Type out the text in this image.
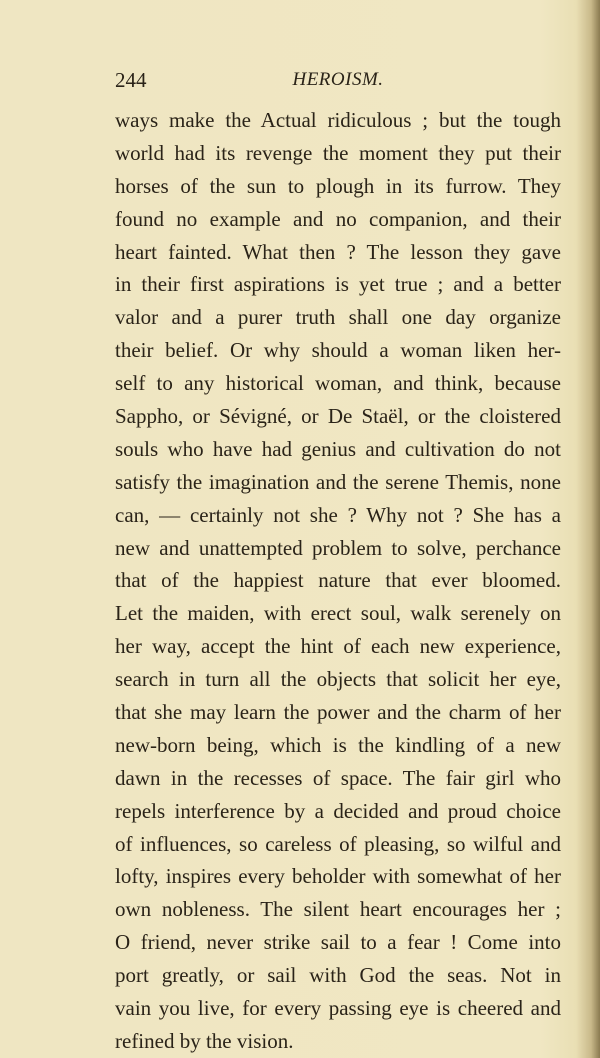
244	HEROISM.
ways make the Actual ridiculous ; but the tough
world had its revenge the moment they put their
horses of the sun to plough in its furrow. They
found no example and no companion, and their
heart fainted. What then ? The lesson they gave
in their first aspirations is yet true ; and a better
valor and a purer truth shall one day organize
their belief. Or why should a woman liken her-
self to any historical woman, and think, because
Sappho, or Sévigné, or De Staël, or the cloistered
souls who have had genius and cultivation do not
satisfy the imagination and the serene Themis, none
can, — certainly not she ? Why not ? She has a
new and unattempted problem to solve, perchance
that of the happiest nature that ever bloomed.
Let the maiden, with erect soul, walk serenely on
her way, accept the hint of each new experience,
search in turn all the objects that solicit her eye,
that she may learn the power and the charm of her
new-born being, which is the kindling of a new
dawn in the recesses of space. The fair girl who
repels interference by a decided and proud choice
of influences, so careless of pleasing, so wilful and
lofty, inspires every beholder with somewhat of her
own nobleness. The silent heart encourages her ;
O friend, never strike sail to a fear ! Come into
port greatly, or sail with God the seas. Not in
vain you live, for every passing eye is cheered and
refined by the vision.
